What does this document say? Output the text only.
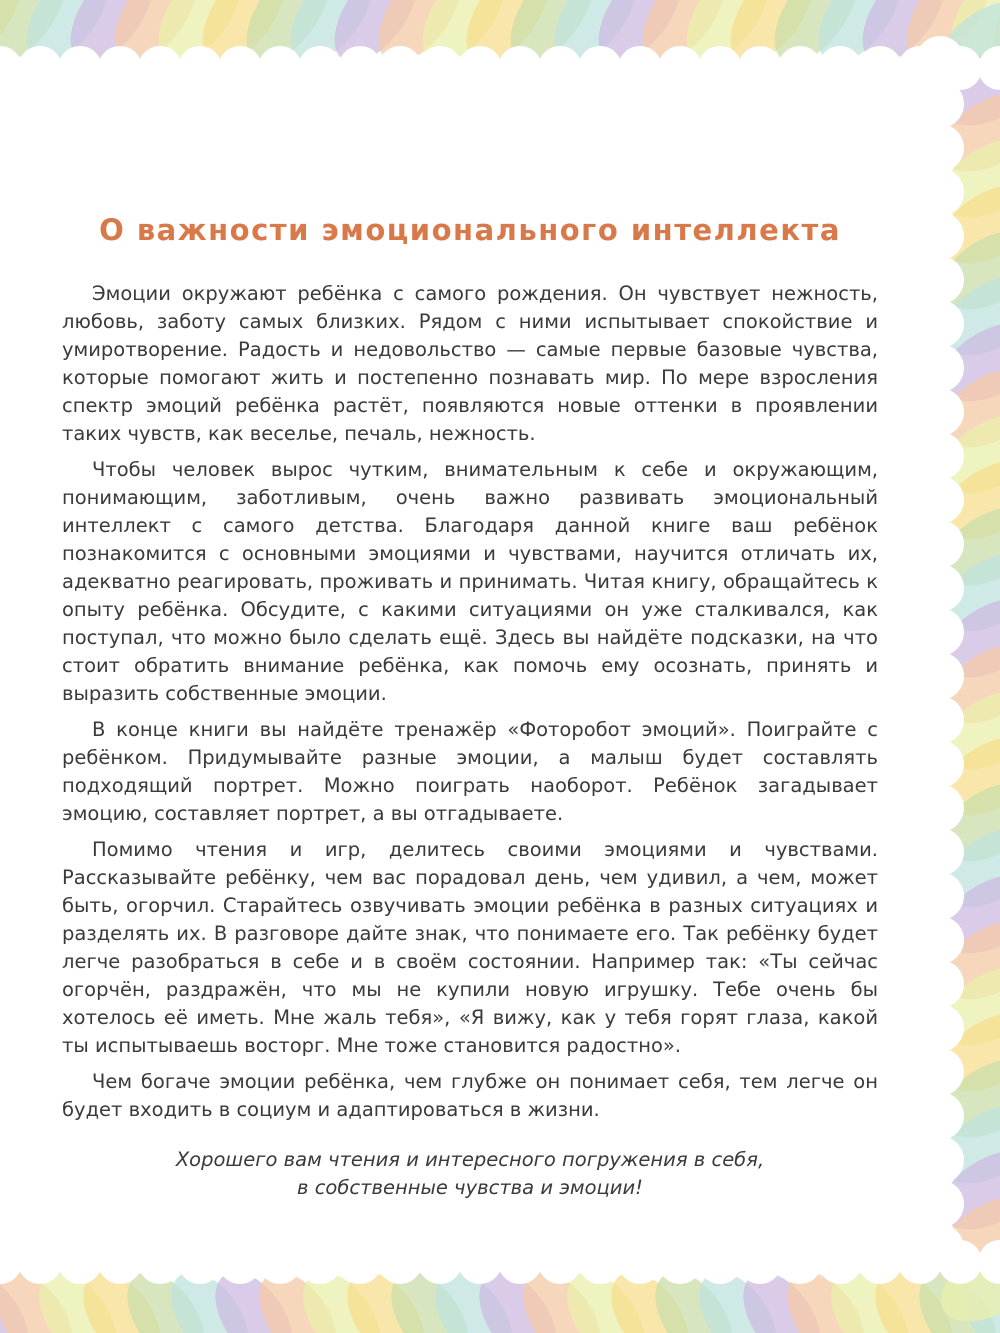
О важности эмоционального интеллекта

Эмоции окружают ребёнка с самого рождения. Он чувствует нежность, любовь, заботу самых близких. Рядом с ними испытывает спокойствие и умиротворение. Радость и недовольство — самые первые базовые чувства, которые помогают жить и постепенно познавать мир. По мере взросления спектр эмоций ребёнка растёт, появляются новые оттенки в проявлении таких чувств, как веселье, печаль, нежность.

Чтобы человек вырос чутким, внимательным к себе и окружающим, понимающим, заботливым, очень важно развивать эмоциональный интеллект с самого детства. Благодаря данной книге ваш ребёнок познакомится с основными эмоциями и чувствами, научится отличать их, адекватно реагировать, проживать и принимать. Читая книгу, обращайтесь к опыту ребёнка. Обсудите, с какими ситуациями он уже сталкивался, как поступал, что можно было сделать ещё. Здесь вы найдёте подсказки, на что стоит обратить внимание ребёнка, как помочь ему осознать, принять и выразить собственные эмоции.

В конце книги вы найдёте тренажёр «Фоторобот эмоций». Поиграйте с ребёнком. Придумывайте разные эмоции, а малыш будет составлять подходящий портрет. Можно поиграть наоборот. Ребёнок загадывает эмоцию, составляет портрет, а вы отгадываете.

Помимо чтения и игр, делитесь своими эмоциями и чувствами. Рассказывайте ребёнку, чем вас порадовал день, чем удивил, а чем, может быть, огорчил. Старайтесь озвучивать эмоции ребёнка в разных ситуациях и разделять их. В разговоре дайте знак, что понимаете его. Так ребёнку будет легче разобраться в себе и в своём состоянии. Например так: «Ты сейчас огорчён, раздражён, что мы не купили новую игрушку. Тебе очень бы хотелось её иметь. Мне жаль тебя», «Я вижу, как у тебя горят глаза, какой ты испытываешь восторг. Мне тоже становится радостно».

Чем богаче эмоции ребёнка, чем глубже он понимает себя, тем легче он будет входить в социум и адаптироваться в жизни.

Хорошего вам чтения и интересного погружения в себя,
в собственные чувства и эмоции!
